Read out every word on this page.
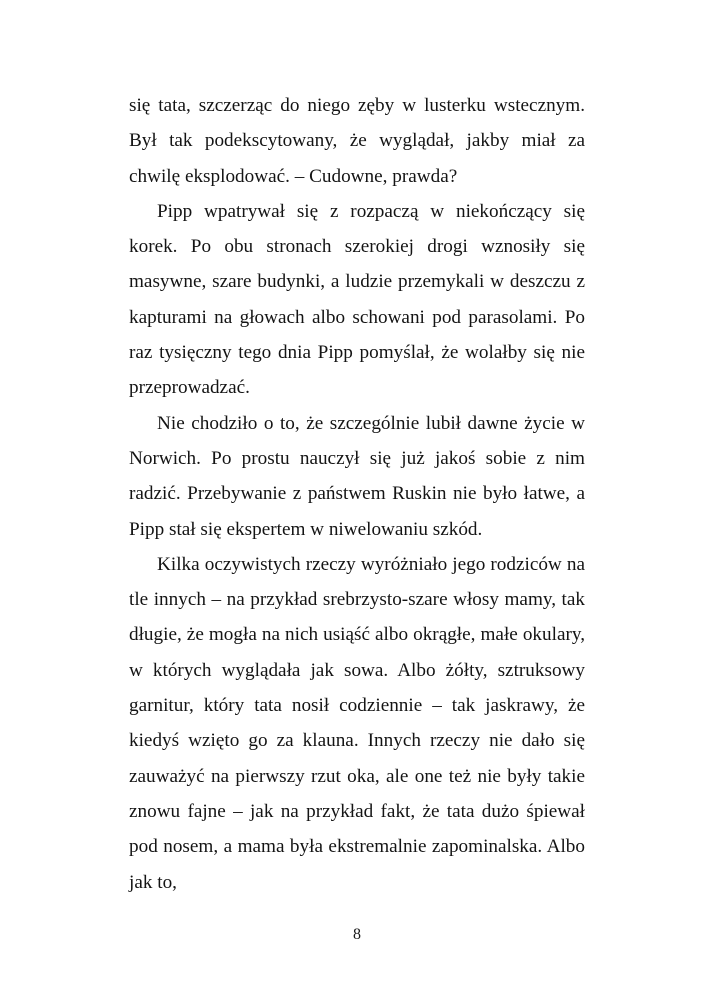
się tata, szczerząc do niego zęby w lusterku wstecznym. Był tak podekscytowany, że wyglądał, jakby miał za chwilę eksplodować. – Cudowne, prawda?

Pipp wpatrywał się z rozpaczą w niekończący się korek. Po obu stronach szerokiej drogi wznosiły się masywne, szare budynki, a ludzie przemykali w deszczu z kapturami na głowach albo schowani pod parasolami. Po raz tysięczny tego dnia Pipp pomyślał, że wolałby się nie przeprowadzać.

Nie chodziło o to, że szczególnie lubił dawne życie w Norwich. Po prostu nauczył się już jakoś sobie z nim radzić. Przebywanie z państwem Ruskin nie było łatwe, a Pipp stał się ekspertem w niwelowaniu szkód.

Kilka oczywistych rzeczy wyróżniało jego rodziców na tle innych – na przykład srebrzysto-szare włosy mamy, tak długie, że mogła na nich usiąść albo okrągłe, małe okulary, w których wyglądała jak sowa. Albo żółty, sztruksowy garnitur, który tata nosił codziennie – tak jaskrawy, że kiedyś wzięto go za klauna. Innych rzeczy nie dało się zauważyć na pierwszy rzut oka, ale one też nie były takie znowu fajne – jak na przykład fakt, że tata dużo śpiewał pod nosem, a mama była ekstremalnie zapominalska. Albo jak to,

8
